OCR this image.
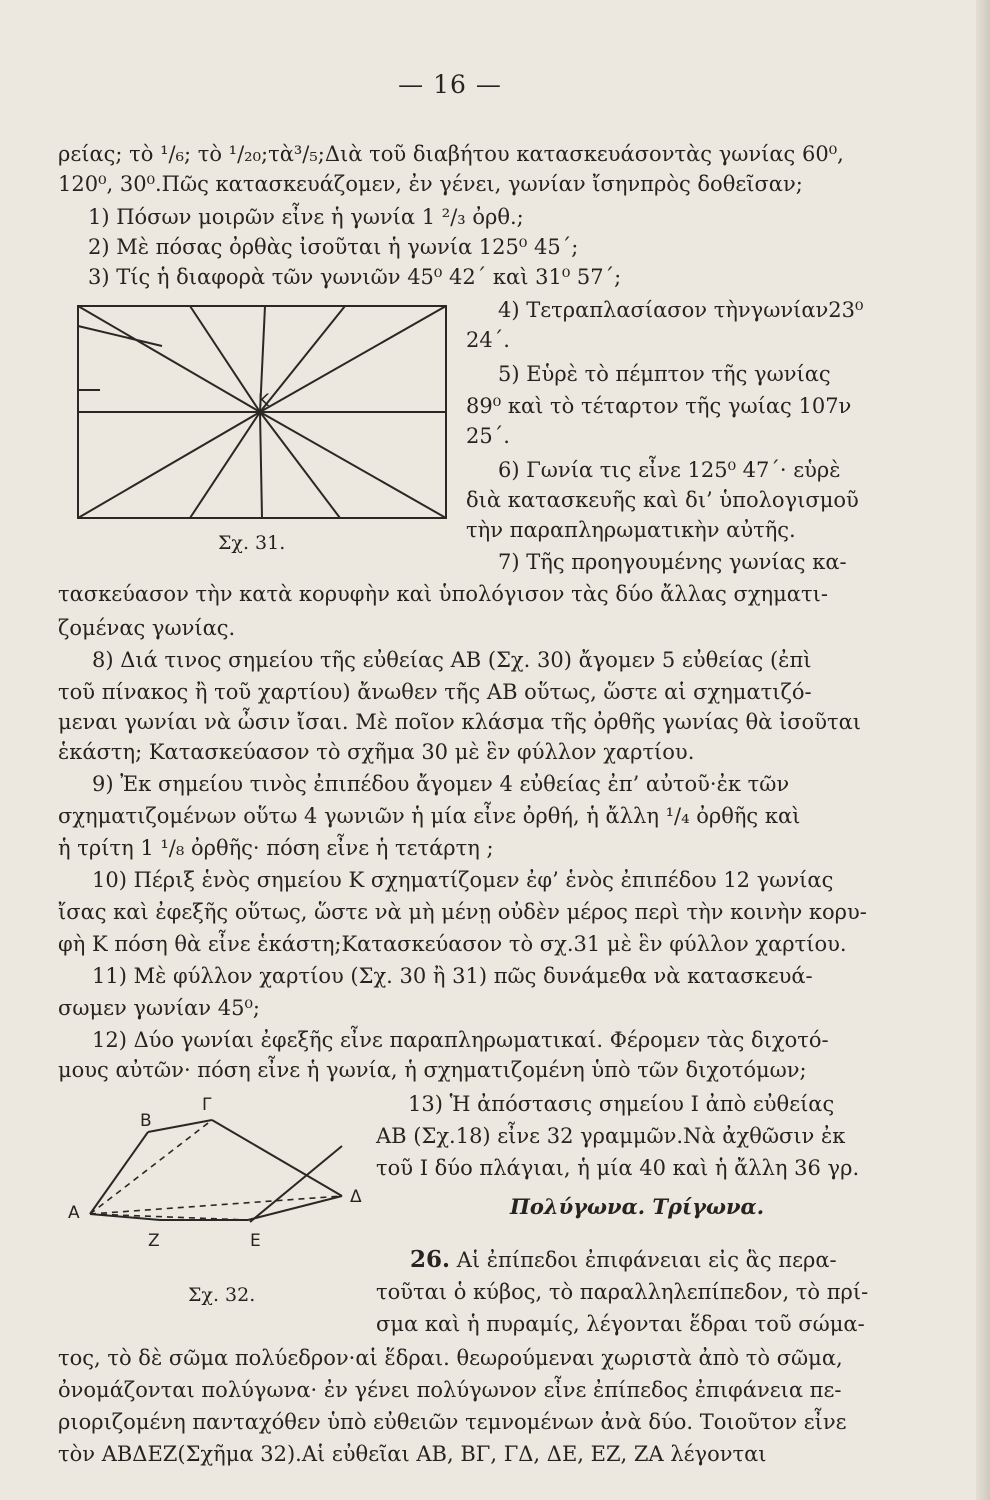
— 16 —
ρείας; τὸ ¹/₆; τὸ ¹/₂₀;τὰ³/₅;Διὰ τοῦ διαβήτου κατασκευάσοντὰς γωνίας 60⁰,
120⁰, 30⁰.Πῶς κατασκευάζομεν, ἐν γένει, γωνίαν ἴσηνπρὸς δοθεῖσαν;
1) Πόσων μοιρῶν εἶνε ἡ γωνία 1 ²/₃ ὀρθ.;
2) Μὲ πόσας ὀρθὰς ἰσοῦται ἡ γωνία 125⁰ 45΄;
3) Τίς ἡ διαφορὰ τῶν γωνιῶν 45⁰ 42΄ καὶ 31⁰ 57΄;
Κ
Σχ. 31.
4) Τετραπλασίασον τὴνγωνίαν23⁰
24΄.
5) Εὑρὲ τὸ πέμπτον τῆς γωνίας
89⁰ καὶ τὸ τέταρτον τῆς γωίας 107ν
25΄.
6) Γωνία τις εἶνε 125⁰ 47΄· εὑρὲ
διὰ κατασκευῆς καὶ δι’ ὑπολογισμοῦ
τὴν παραπληρωματικὴν αὐτῆς.
7) Τῆς προηγουμένης γωνίας κα-
τασκεύασον τὴν κατὰ κορυφὴν καὶ ὑπολόγισον τὰς δύο ἄλλας σχηματι-
ζομένας γωνίας.
8) Διά τινος σημείου τῆς εὐθείας ΑΒ (Σχ. 30) ἄγομεν 5 εὐθείας (ἐπὶ
τοῦ πίνακος ἢ τοῦ χαρτίου) ἄνωθεν τῆς ΑΒ οὕτως, ὥστε αἱ σχηματιζό-
μεναι γωνίαι νὰ ὦσιν ἴσαι. Μὲ ποῖον κλάσμα τῆς ὀρθῆς γωνίας θὰ ἰσοῦται
ἑκάστη; Κατασκεύασον τὸ σχῆμα 30 μὲ ἓν φύλλον χαρτίου.
9) Ἐκ σημείου τινὸς ἐπιπέδου ἄγομεν 4 εὐθείας ἐπ’ αὐτοῦ·ἐκ τῶν
σχηματιζομένων οὕτω 4 γωνιῶν ἡ μία εἶνε ὀρθή, ἡ ἄλλη ¹/₄ ὀρθῆς καὶ
ἡ τρίτη 1 ¹/₈ ὀρθῆς· πόση εἶνε ἡ τετάρτη ;
10) Πέριξ ἑνὸς σημείου Κ σχηματίζομεν ἐφ’ ἑνὸς ἐπιπέδου 12 γωνίας
ἴσας καὶ ἐφεξῆς οὕτως, ὥστε νὰ μὴ μένῃ οὐδὲν μέρος περὶ τὴν κοινὴν κορυ-
φὴ Κ πόση θὰ εἶνε ἑκάστη;Κατασκεύασον τὸ σχ.31 μὲ ἓν φύλλον χαρτίου.
11) Μὲ φύλλον χαρτίου (Σχ. 30 ἢ 31) πῶς δυνάμεθα νὰ κατασκευά-
σωμεν γωνίαν 45⁰;
12) Δύο γωνίαι ἐφεξῆς εἶνε παραπληρωματικαί. Φέρομεν τὰς διχοτό-
μους αὐτῶν· πόση εἶνε ἡ γωνία, ἡ σχηματιζομένη ὑπὸ τῶν διχοτόμων;
B
Γ
Δ
A
Z	E
Σχ. 32.
13) Ἡ ἀπόστασις σημείου Ι ἀπὸ εὐθείας
ΑΒ (Σχ.18) εἶνε 32 γραμμῶν.Νὰ ἀχθῶσιν ἐκ
τοῦ Ι δύο πλάγιαι, ἡ μία 40 καὶ ἡ ἄλλη 36 γρ.
Πολύγωνα. Τρίγωνα.
26. Αἱ ἐπίπεδοι ἐπιφάνειαι εἰς ἃς περα-
τοῦται ὁ κύβος, τὸ παραλληλεπίπεδον, τὸ πρί-
σμα καὶ ἡ πυραμίς, λέγονται ἕδραι τοῦ σώμα-
τος, τὸ δὲ σῶμα πολύεδρον·αἱ ἕδραι. θεωρούμεναι χωριστὰ ἀπὸ τὸ σῶμα,
ὀνομάζονται πολύγωνα· ἐν γένει πολύγωνον εἶνε ἐπίπεδος ἐπιφάνεια πε-
ριοριζομένη πανταχόθεν ὑπὸ εὐθειῶν τεμνομένων ἀνὰ δύο. Τοιοῦτον εἶνε
τὸν ΑΒΔΕΖ(Σχῆμα 32).Αἱ εὐθεῖαι ΑΒ, ΒΓ, ΓΔ, ΔΕ, ΕΖ, ΖΑ λέγονται
